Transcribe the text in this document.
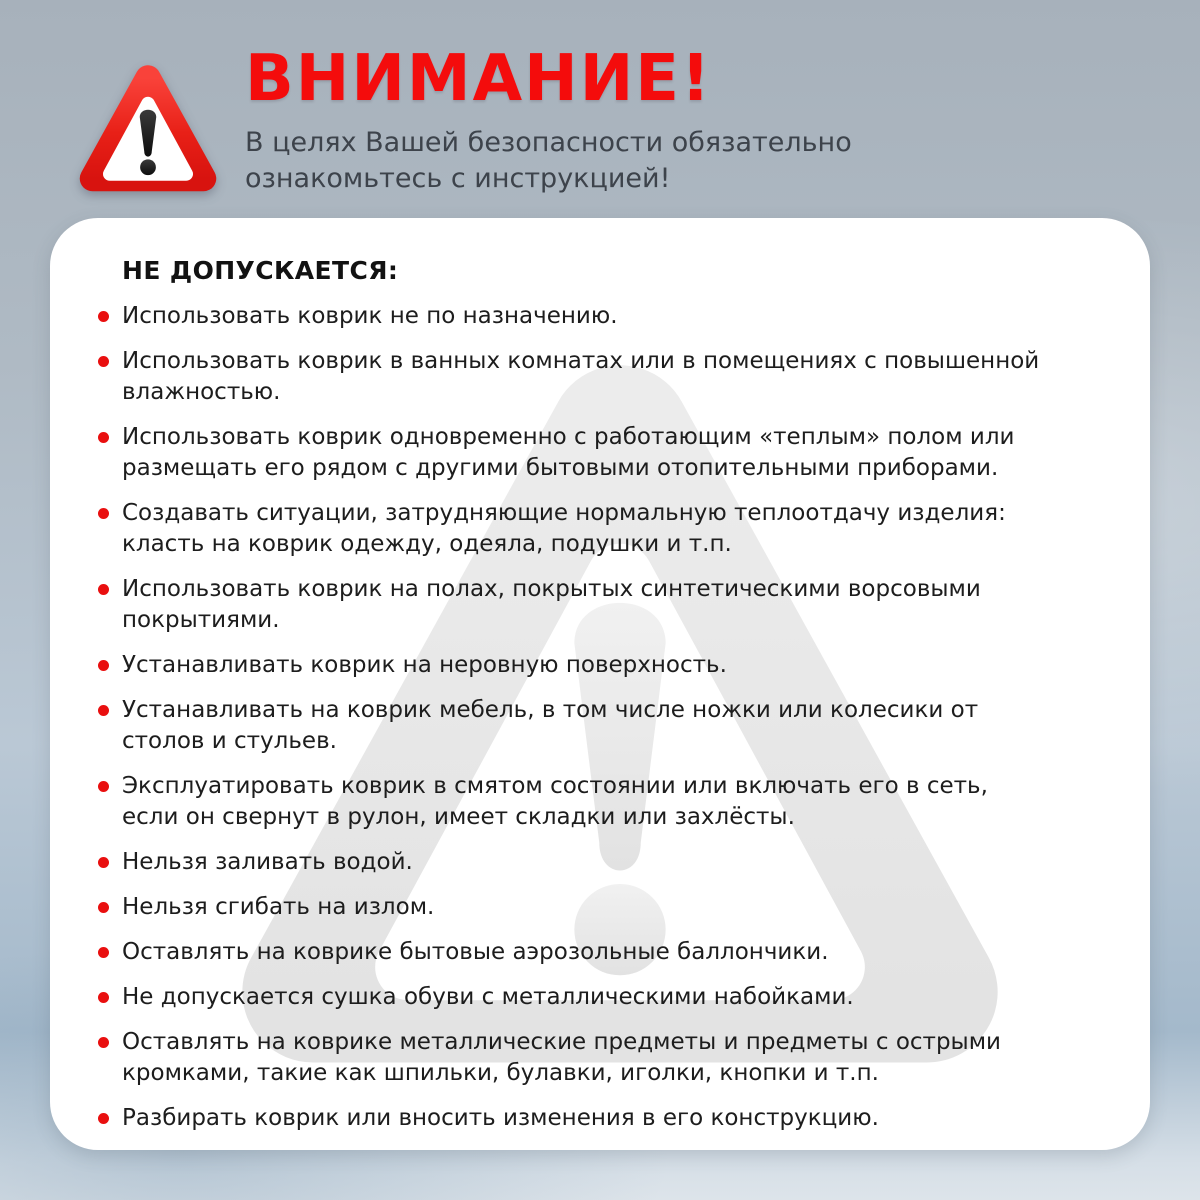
ВНИМАНИЕ!
В целях Вашей безопасности обязательно ознакомьтесь с инструкцией!
НЕ ДОПУСКАЕТСЯ:
Использовать коврик не по назначению.
Использовать коврик в ванных комнатах или в помещениях с повышенной влажностью.
Использовать коврик одновременно с работающим «теплым» полом или размещать его рядом с другими бытовыми отопительными приборами.
Создавать ситуации, затрудняющие нормальную теплоотдачу изделия: класть на коврик одежду, одеяла, подушки и т.п.
Использовать коврик на полах, покрытых синтетическими ворсовыми покрытиями.
Устанавливать коврик на неровную поверхность.
Устанавливать на коврик мебель, в том числе ножки или колесики от столов и стульев.
Эксплуатировать коврик в смятом состоянии или включать его в сеть, если он свернут в рулон, имеет складки или захлёсты.
Нельзя заливать водой.
Нельзя сгибать на излом.
Оставлять на коврике бытовые аэрозольные баллончики.
Не допускается сушка обуви с металлическими набойками.
Оставлять на коврике металлические предметы и предметы с острыми кромками, такие как шпильки, булавки, иголки, кнопки и т.п.
Разбирать коврик или вносить изменения в его конструкцию.
